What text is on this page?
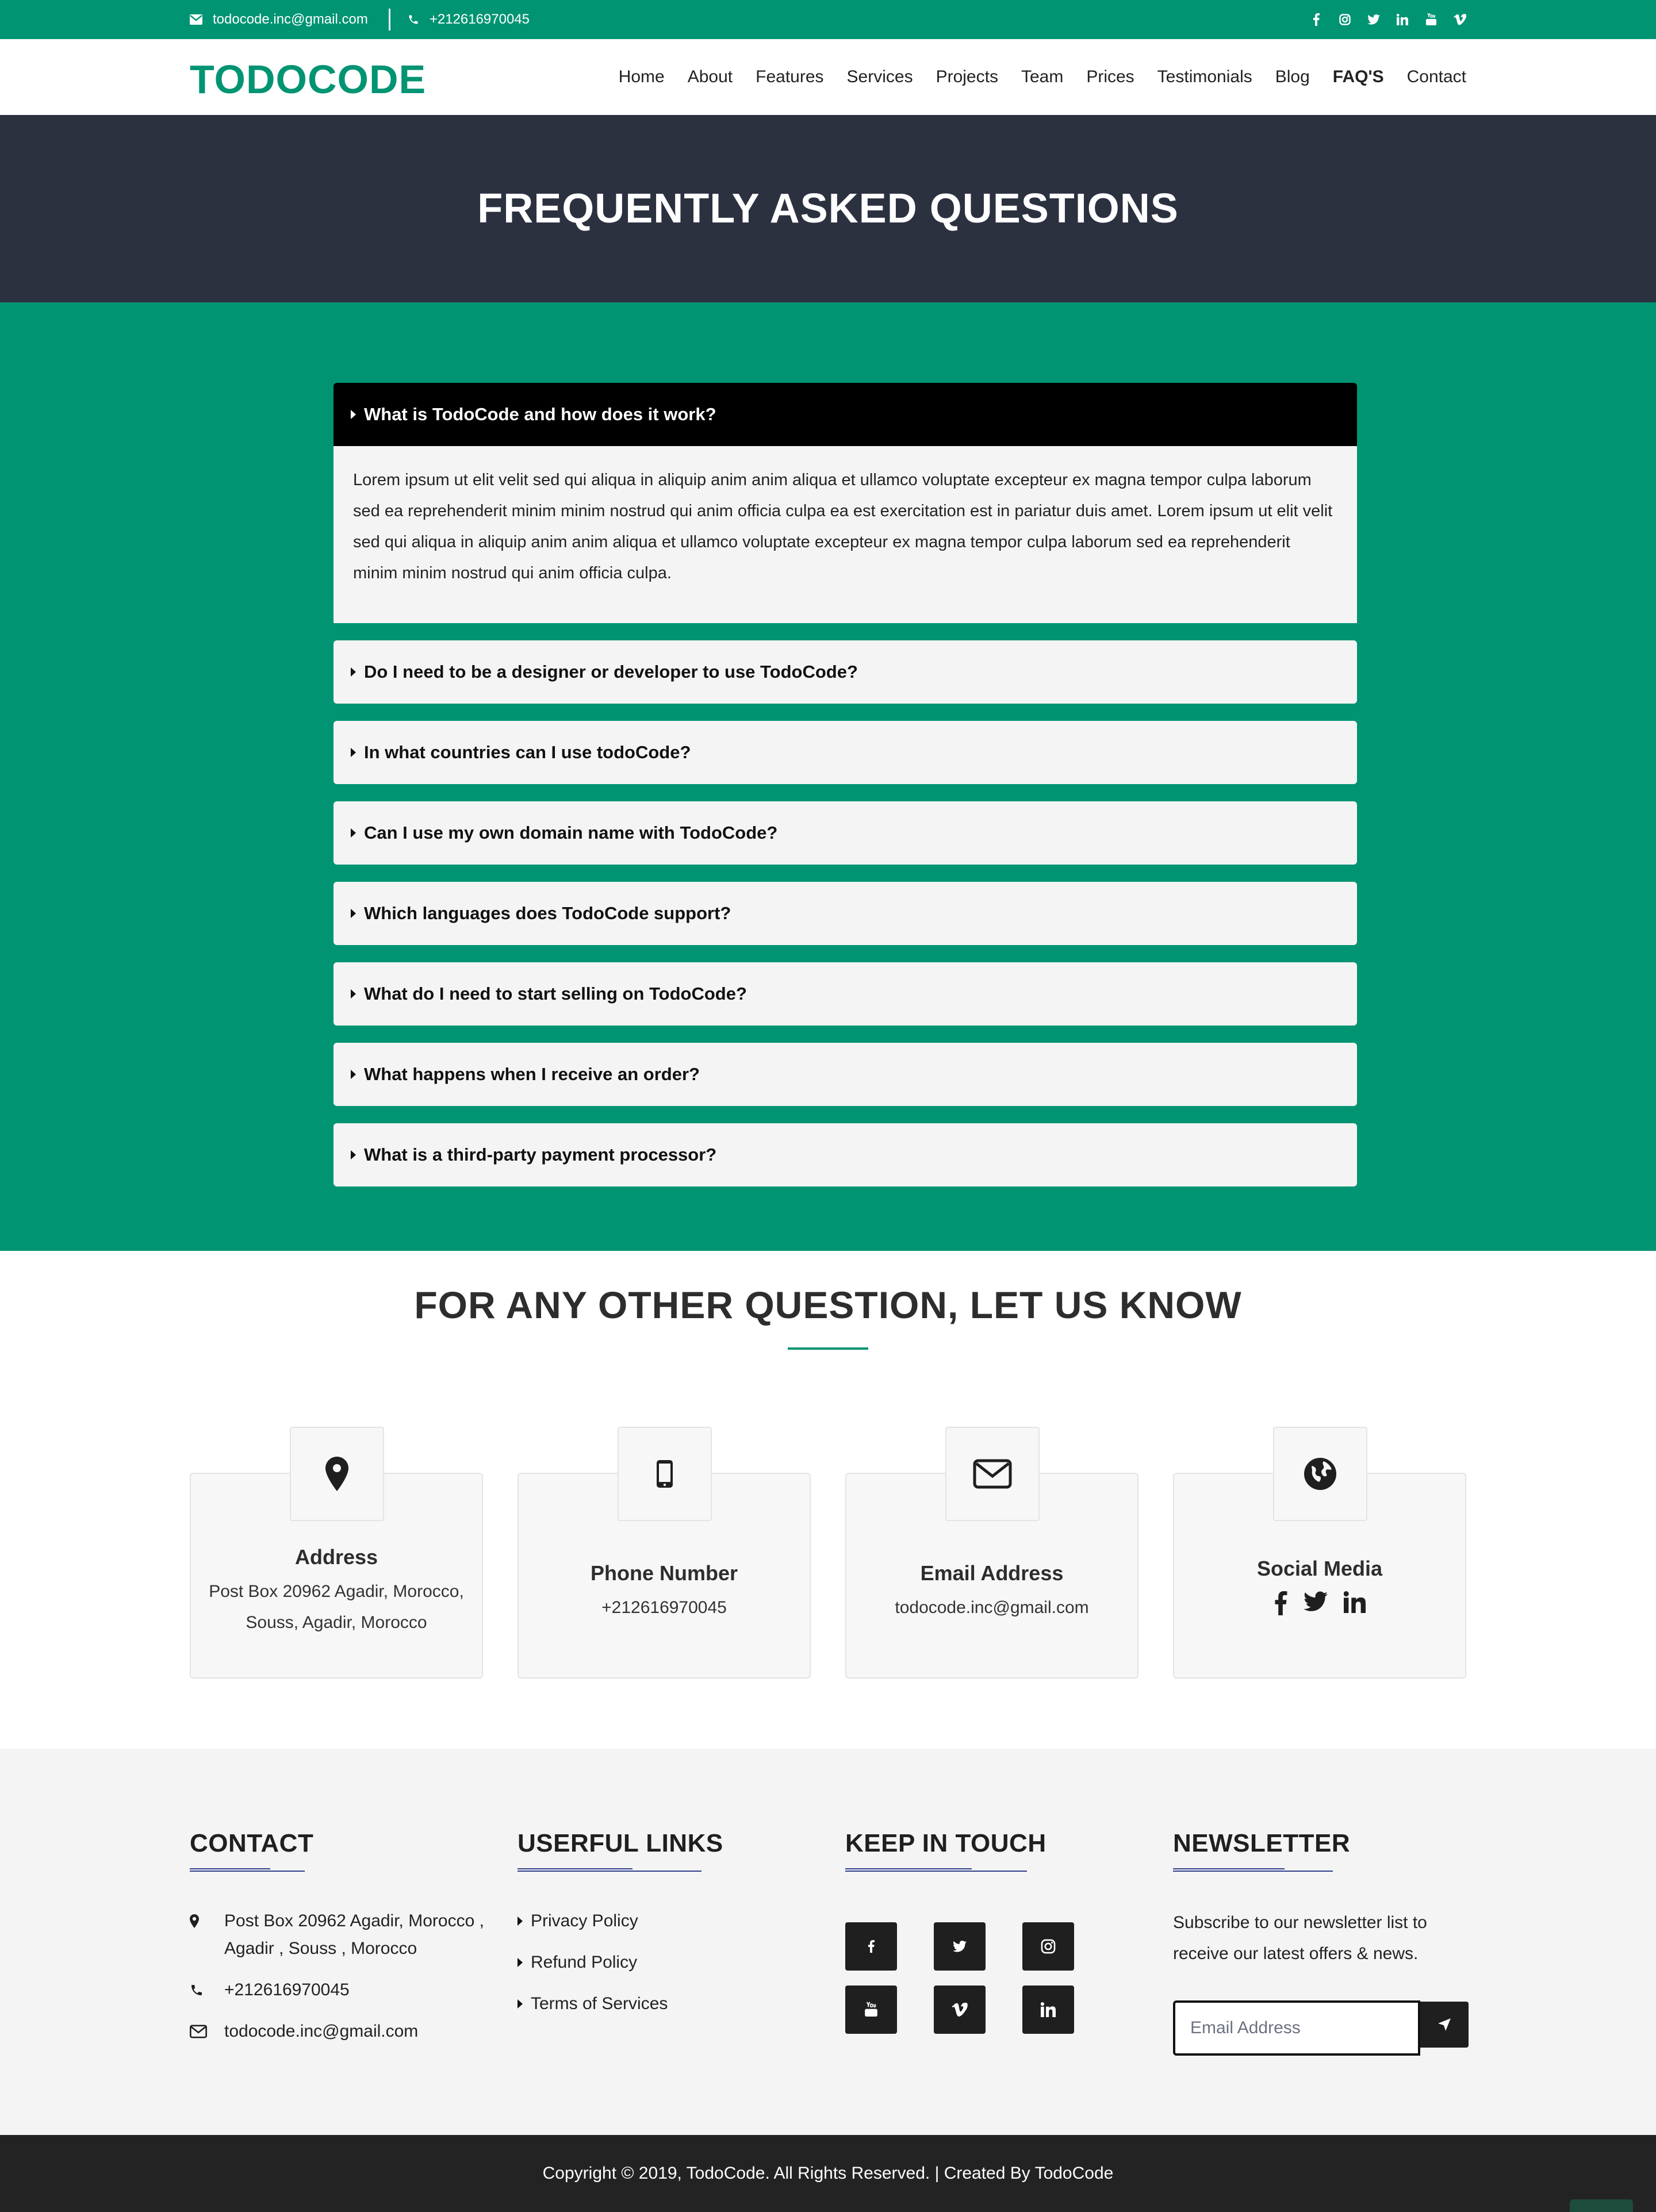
todocode.inc@gmail.com	+212616970045
TODOCODE	Home About Features Services Projects Team Prices Testimonials Blog FAQ'S Contact
FREQUENTLY ASKED QUESTIONS
What is TodoCode and how does it work?
Lorem ipsum ut elit velit sed qui aliqua in aliquip anim anim aliqua et ullamco voluptate excepteur ex magna tempor culpa laborum sed ea reprehenderit minim minim nostrud qui anim officia culpa ea est exercitation est in pariatur duis amet. Lorem ipsum ut elit velit sed qui aliqua in aliquip anim anim aliqua et ullamco voluptate excepteur ex magna tempor culpa laborum sed ea reprehenderit minim minim nostrud qui anim officia culpa.
Do I need to be a designer or developer to use TodoCode?
In what countries can I use todoCode?
Can I use my own domain name with TodoCode?
Which languages does TodoCode support?
What do I need to start selling on TodoCode?
What happens when I receive an order?
What is a third-party payment processor?
FOR ANY OTHER QUESTION, LET US KNOW
Address
Post Box 20962 Agadir, Morocco,
Souss, Agadir, Morocco
Phone Number
+212616970045
Email Address
todocode.inc@gmail.com
Social Media
CONTACT
Post Box 20962 Agadir, Morocco ,
Agadir , Souss , Morocco
+212616970045
todocode.inc@gmail.com
USERFUL LINKS
Privacy Policy
Refund Policy
Terms of Services
KEEP IN TOUCH	NEWSLETTER

Subscribe to our newsletter list to receive our latest offers & news.

Email Address
Copyright © 2019, TodoCode. All Rights Reserved. | Created By TodoCode
